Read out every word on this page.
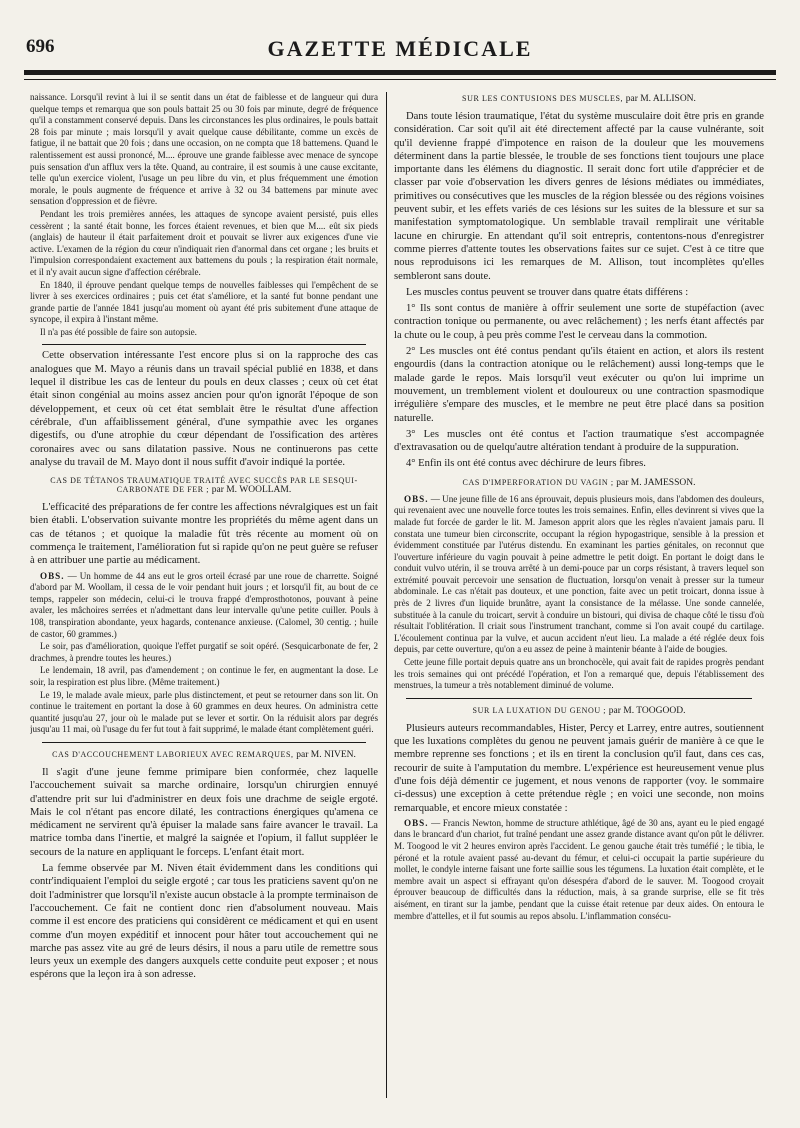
696	GAZETTE MÉDICALE

naissance. Lorsqu'il revint à lui il se sentit dans un état de faiblesse et de langueur qui dura quelque temps et remarqua que son pouls battait 25 ou 30 fois par minute, degré de fréquence qu'il a constamment conservé depuis. Dans les circonstances les plus ordinaires, le pouls battait 28 fois par minute ; mais lorsqu'il y avait quelque cause débilitante, comme un excès de fatigue, il ne battait que 20 fois ; dans une occasion, on ne compta que 18 battemens. Quand le ralentissement est aussi prononcé, M.... éprouve une grande faiblesse avec menace de syncope puis sensation d'un afflux vers la tête. Quand, au contraire, il est soumis à une cause excitante, telle qu'un exercice violent, l'usage un peu libre du vin, et plus fréquemment une émotion morale, le pouls augmente de fréquence et arrive à 32 ou 34 battemens par minute avec sensation d'oppression et de fièvre.

Pendant les trois premières années, les attaques de syncope avaient persisté, puis elles cessèrent ; la santé était bonne, les forces étaient revenues, et bien que M.... eût six pieds (anglais) de hauteur il était parfaitement droit et pouvait se livrer aux exigences d'une vie active. L'examen de la région du cœur n'indiquait rien d'anormal dans cet organe ; les bruits et l'impulsion correspondaient exactement aux battemens du pouls ; la respiration était normale, et il n'y avait aucun signe d'affection cérébrale.

En 1840, il éprouve pendant quelque temps de nouvelles faiblesses qui l'empêchent de se livrer à ses exercices ordinaires ; puis cet état s'améliore, et la santé fut bonne pendant une grande partie de l'année 1841 jusqu'au moment où ayant été pris subitement d'une attaque de syncope, il expira à l'instant même.

Il n'a pas été possible de faire son autopsie.

Cette observation intéressante l'est encore plus si on la rapproche des cas analogues que M. Mayo a réunis dans un travail spécial publié en 1838, et dans lequel il distribue les cas de lenteur du pouls en deux classes ; ceux où cet état était sinon congénial au moins assez ancien pour qu'on ignorât l'époque de son développement, et ceux où cet état semblait être le résultat d'une affection cérébrale, d'un affaiblissement général, d'une sympathie avec les organes digestifs, ou d'une atrophie du cœur dépendant de l'ossification des artères coronaires avec ou sans dilatation passive. Nous ne continuerons pas cette analyse du travail de M. Mayo dont il nous suffit d'avoir indiqué la portée.

CAS DE TÉTANOS TRAUMATIQUE TRAITÉ AVEC SUCCÈS PAR LE SESQUI-CARBONATE DE FER ; par M. WOOLLAM.

L'efficacité des préparations de fer contre les affections névralgiques est un fait bien établi. L'observation suivante montre les propriétés du même agent dans un cas de tétanos ; et quoique la maladie fût très récente au moment où on commença le traitement, l'amélioration fut si rapide qu'on ne peut guère se refuser à en attribuer une partie au médicament.

OBS. — Un homme de 44 ans eut le gros orteil écrasé par une roue de charrette. Soigné d'abord par M. Woollam, il cessa de le voir pendant huit jours ; et lorsqu'il fit, au bout de ce temps, rappeler son médecin, celui-ci le trouva frappé d'emprosthotonos, pouvant à peine avaler, les mâchoires serrées et n'admettant dans leur intervalle qu'une petite cuiller. Pouls à 108, transpiration abondante, yeux hagards, contenance anxieuse. (Calomel, 30 centig. ; huile de castor, 60 grammes.)

Le soir, pas d'amélioration, quoique l'effet purgatif se soit opéré. (Sesquicarbonate de fer, 2 drachmes, à prendre toutes les heures.)

Le lendemain, 18 avril, pas d'amendement ; on continue le fer, en augmentant la dose. Le soir, la respiration est plus libre. (Même traitement.)

Le 19, le malade avale mieux, parle plus distinctement, et peut se retourner dans son lit. On continue le traitement en portant la dose à 60 grammes en deux heures. On administra cette quantité jusqu'au 27, jour où le malade put se lever et sortir. On la réduisit alors par degrés jusqu'au 11 mai, où l'usage du fer fut tout à fait supprimé, le malade étant complètement guéri.

CAS D'ACCOUCHEMENT LABORIEUX AVEC REMARQUES, par M. NIVEN.

Il s'agit d'une jeune femme primipare bien conformée, chez laquelle l'accouchement suivait sa marche ordinaire, lorsqu'un chirurgien ennuyé d'attendre prit sur lui d'administrer en deux fois une drachme de seigle ergoté. Mais le col n'étant pas encore dilaté, les contractions énergiques qu'amena ce médicament ne servirent qu'à épuiser la malade sans faire avancer le travail. La matrice tomba dans l'inertie, et malgré la saignée et l'opium, il fallut suppléer le secours de la nature en appliquant le forceps. L'enfant était mort.

La femme observée par M. Niven était évidemment dans les conditions qui contr'indiquaient l'emploi du seigle ergoté ; car tous les praticiens savent qu'on ne doit l'administrer que lorsqu'il n'existe aucun obstacle à la prompte terminaison de l'accouchement. Ce fait ne contient donc rien d'absolument nouveau. Mais comme il est encore des praticiens qui considèrent ce médicament et qui en usent comme d'un moyen expéditif et innocent pour hâter tout accouchement qui ne marche pas assez vite au gré de leurs désirs, il nous a paru utile de remettre sous leurs yeux un exemple des dangers auxquels cette conduite peut exposer ; et nous espérons que la leçon ira à son adresse.

SUR LES CONTUSIONS DES MUSCLES, par M. ALLISON.

Dans toute lésion traumatique, l'état du système musculaire doit être pris en grande considération. Car soit qu'il ait été directement affecté par la cause vulnérante, soit qu'il devienne frappé d'impotence en raison de la douleur que les mouvemens déterminent dans la partie blessée, le trouble de ses fonctions tient toujours une place importante dans les élémens du diagnostic. Il serait donc fort utile d'apprécier et de classer par voie d'observation les divers genres de lésions médiates ou immédiates, primitives ou consécutives que les muscles de la région blessée ou des régions voisines peuvent subir, et les effets variés de ces lésions sur les suites de la blessure et sur sa manifestation symptomatologique. Un semblable travail remplirait une véritable lacune en chirurgie. En attendant qu'il soit entrepris, contentons-nous d'enregistrer comme pierres d'attente toutes les observations faites sur ce sujet. C'est à ce titre que nous reproduisons ici les remarques de M. Allison, tout incomplètes qu'elles sembleront sans doute.

Les muscles contus peuvent se trouver dans quatre états différens :

1° Ils sont contus de manière à offrir seulement une sorte de stupéfaction (avec contraction tonique ou permanente, ou avec relâchement) ; les nerfs étant affectés par la chute ou le coup, à peu près comme l'est le cerveau dans la commotion.

2° Les muscles ont été contus pendant qu'ils étaient en action, et alors ils restent engourdis (dans la contraction atonique ou le relâchement) aussi long-temps que le malade garde le repos. Mais lorsqu'il veut exécuter ou qu'on lui imprime un mouvement, un tremblement violent et douloureux ou une contraction spasmodique irrégulière s'empare des muscles, et le membre ne peut être placé dans sa position naturelle.

3° Les muscles ont été contus et l'action traumatique s'est accompagnée d'extravasation ou de quelqu'autre altération tendant à produire de la suppuration.

4° Enfin ils ont été contus avec déchirure de leurs fibres.

CAS D'IMPERFORATION DU VAGIN ; par M. JAMESSON.

OBS. — Une jeune fille de 16 ans éprouvait, depuis plusieurs mois, dans l'abdomen des douleurs, qui revenaient avec une nouvelle force toutes les trois semaines. Enfin, elles devinrent si vives que la malade fut forcée de garder le lit. M. Jameson apprit alors que les règles n'avaient jamais paru. Il constata une tumeur bien circonscrite, occupant la région hypogastrique, sensible à la pression et évidemment constituée par l'utérus distendu. En examinant les parties génitales, on reconnut que l'ouverture inférieure du vagin pouvait à peine admettre le petit doigt. En portant le doigt dans le conduit vulvo utérin, il se trouva arrêté à un demi-pouce par un corps résistant, à travers lequel son extrémité pouvait percevoir une sensation de fluctuation, lorsqu'on venait à presser sur la tumeur abdominale. Le cas n'était pas douteux, et une ponction, faite avec un petit troicart, donna issue à près de 2 livres d'un liquide brunâtre, ayant la consistance de la mélasse. Une sonde cannelée, substituée à la canule du troicart, servit à conduire un bistouri, qui divisa de chaque côté le tissu d'où résultait l'oblitération. Il criait sous l'instrument tranchant, comme si l'on avait coupé du cartilage. L'écoulement continua par la vulve, et aucun accident n'eut lieu. La malade a été réglée deux fois depuis, par cette ouverture, qu'on a eu assez de peine à maintenir béante à l'aide de bougies.

Cette jeune fille portait depuis quatre ans un bronchocèle, qui avait fait de rapides progrès pendant les trois semaines qui ont précédé l'opération, et l'on a remarqué que, depuis l'établissement des menstrues, la tumeur a très notablement diminué de volume.

SUR LA LUXATION DU GENOU ; par M. TOOGOOD.

Plusieurs auteurs recommandables, Hister, Percy et Larrey, entre autres, soutiennent que les luxations complètes du genou ne peuvent jamais guérir de manière à ce que le membre reprenne ses fonctions ; et ils en tirent la conclusion qu'il faut, dans ces cas, recourir de suite à l'amputation du membre. L'expérience est heureusement venue plus d'une fois déjà démentir ce jugement, et nous venons de rapporter (voy. le sommaire ci-dessus) une exception à cette prétendue règle ; en voici une seconde, non moins remarquable, et encore mieux constatée :

OBS. — Francis Newton, homme de structure athlétique, âgé de 30 ans, ayant eu le pied engagé dans le brancard d'un chariot, fut traîné pendant une assez grande distance avant qu'on pût le délivrer. M. Toogood le vit 2 heures environ après l'accident. Le genou gauche était très tuméfié ; le tibia, le péroné et la rotule avaient passé au-devant du fémur, et celui-ci occupait la partie supérieure du mollet, le condyle interne faisant une forte saillie sous les tégumens. La luxation était complète, et le membre avait un aspect si effrayant qu'on désespéra d'abord de le sauver. M. Toogood croyait éprouver beaucoup de difficultés dans la réduction, mais, à sa grande surprise, elle se fit très aisément, en tirant sur la jambe, pendant que la cuisse était retenue par deux aides. On entoura le membre d'attelles, et il fut soumis au repos absolu. L'inflammation consécu-
